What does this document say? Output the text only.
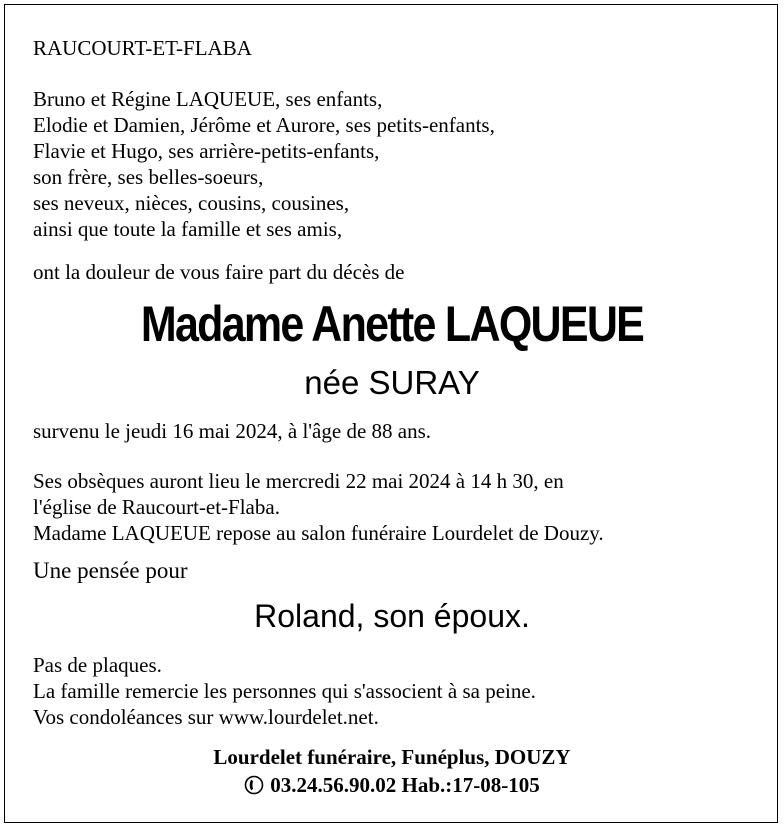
RAUCOURT-ET-FLABA
Bruno et Régine LAQUEUE, ses enfants,
Elodie et Damien, Jérôme et Aurore, ses petits-enfants,
Flavie et Hugo, ses arrière-petits-enfants,
son frère, ses belles-soeurs,
ses neveux, nièces, cousins, cousines,
ainsi que toute la famille et ses amis,
ont la douleur de vous faire part du décès de
Madame Anette LAQUEUE
née SURAY
survenu le jeudi 16 mai 2024, à l'âge de 88 ans.
Ses obsèques auront lieu le mercredi 22 mai 2024 à 14 h 30, en
l'église de Raucourt-et-Flaba.
Madame LAQUEUE repose au salon funéraire Lourdelet de Douzy.
Une pensée pour
Roland, son époux.
Pas de plaques.
La famille remercie les personnes qui s'associent à sa peine.
Vos condoléances sur www.lourdelet.net.
Lourdelet funéraire, Funéplus, DOUZY
03.24.56.90.02 Hab.:17-08-105
